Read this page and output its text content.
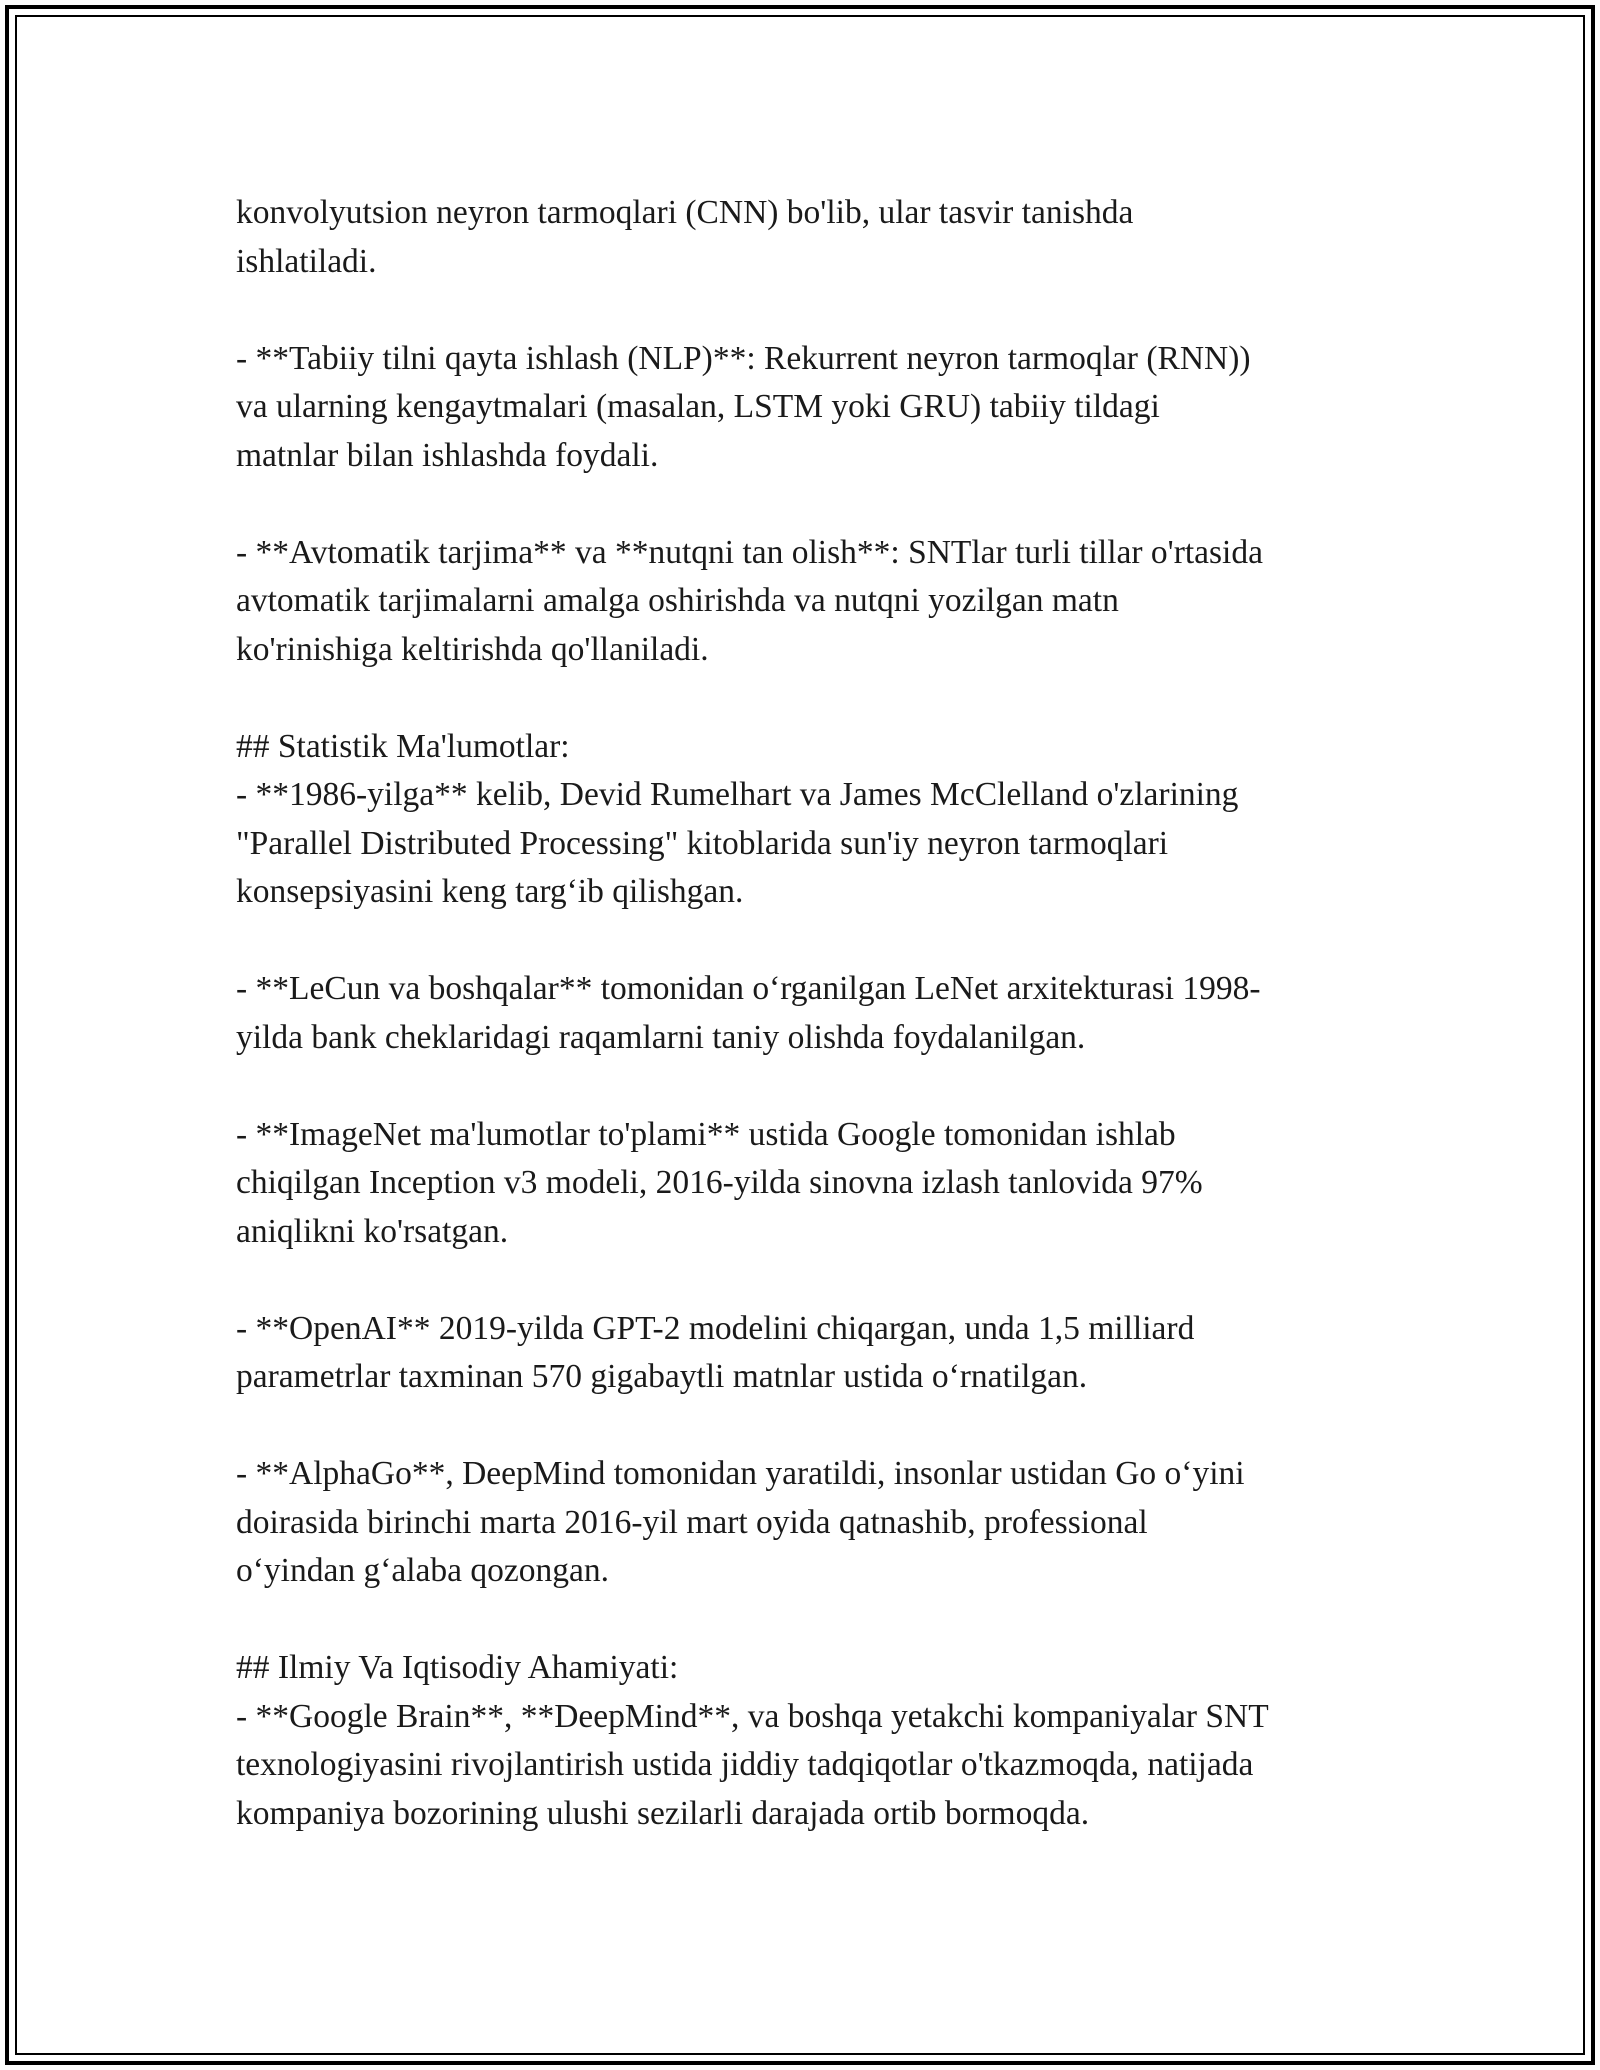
konvolyutsion neyron tarmoqlari (CNN) bo'lib, ular tasvir tanishda
ishlatiladi.
- **Tabiiy tilni qayta ishlash (NLP)**: Rekurrent neyron tarmoqlar (RNN))
va ularning kengaytmalari (masalan, LSTM yoki GRU) tabiiy tildagi
matnlar bilan ishlashda foydali.
- **Avtomatik tarjima** va **nutqni tan olish**: SNTlar turli tillar o'rtasida
avtomatik tarjimalarni amalga oshirishda va nutqni yozilgan matn
ko'rinishiga keltirishda qo'llaniladi.
## Statistik Ma'lumotlar:
- **1986-yilga** kelib, Devid Rumelhart va James McClelland o'zlarining
"Parallel Distributed Processing" kitoblarida sun'iy neyron tarmoqlari
konsepsiyasini keng targ‘ib qilishgan.
- **LeCun va boshqalar** tomonidan o‘rganilgan LeNet arxitekturasi 1998-
yilda bank cheklaridagi raqamlarni taniy olishda foydalanilgan.
- **ImageNet ma'lumotlar to'plami** ustida Google tomonidan ishlab
chiqilgan Inception v3 modeli, 2016-yilda sinovna izlash tanlovida 97%
aniqlikni ko'rsatgan.
- **OpenAI** 2019-yilda GPT-2 modelini chiqargan, unda 1,5 milliard
parametrlar taxminan 570 gigabaytli matnlar ustida o‘rnatilgan.
- **AlphaGo**, DeepMind tomonidan yaratildi, insonlar ustidan Go o‘yini
doirasida birinchi marta 2016-yil mart oyida qatnashib, professional
o‘yindan g‘alaba qozongan.
## Ilmiy Va Iqtisodiy Ahamiyati:
- **Google Brain**, **DeepMind**, va boshqa yetakchi kompaniyalar SNT
texnologiyasini rivojlantirish ustida jiddiy tadqiqotlar o'tkazmoqda, natijada
kompaniya bozorining ulushi sezilarli darajada ortib bormoqda.
